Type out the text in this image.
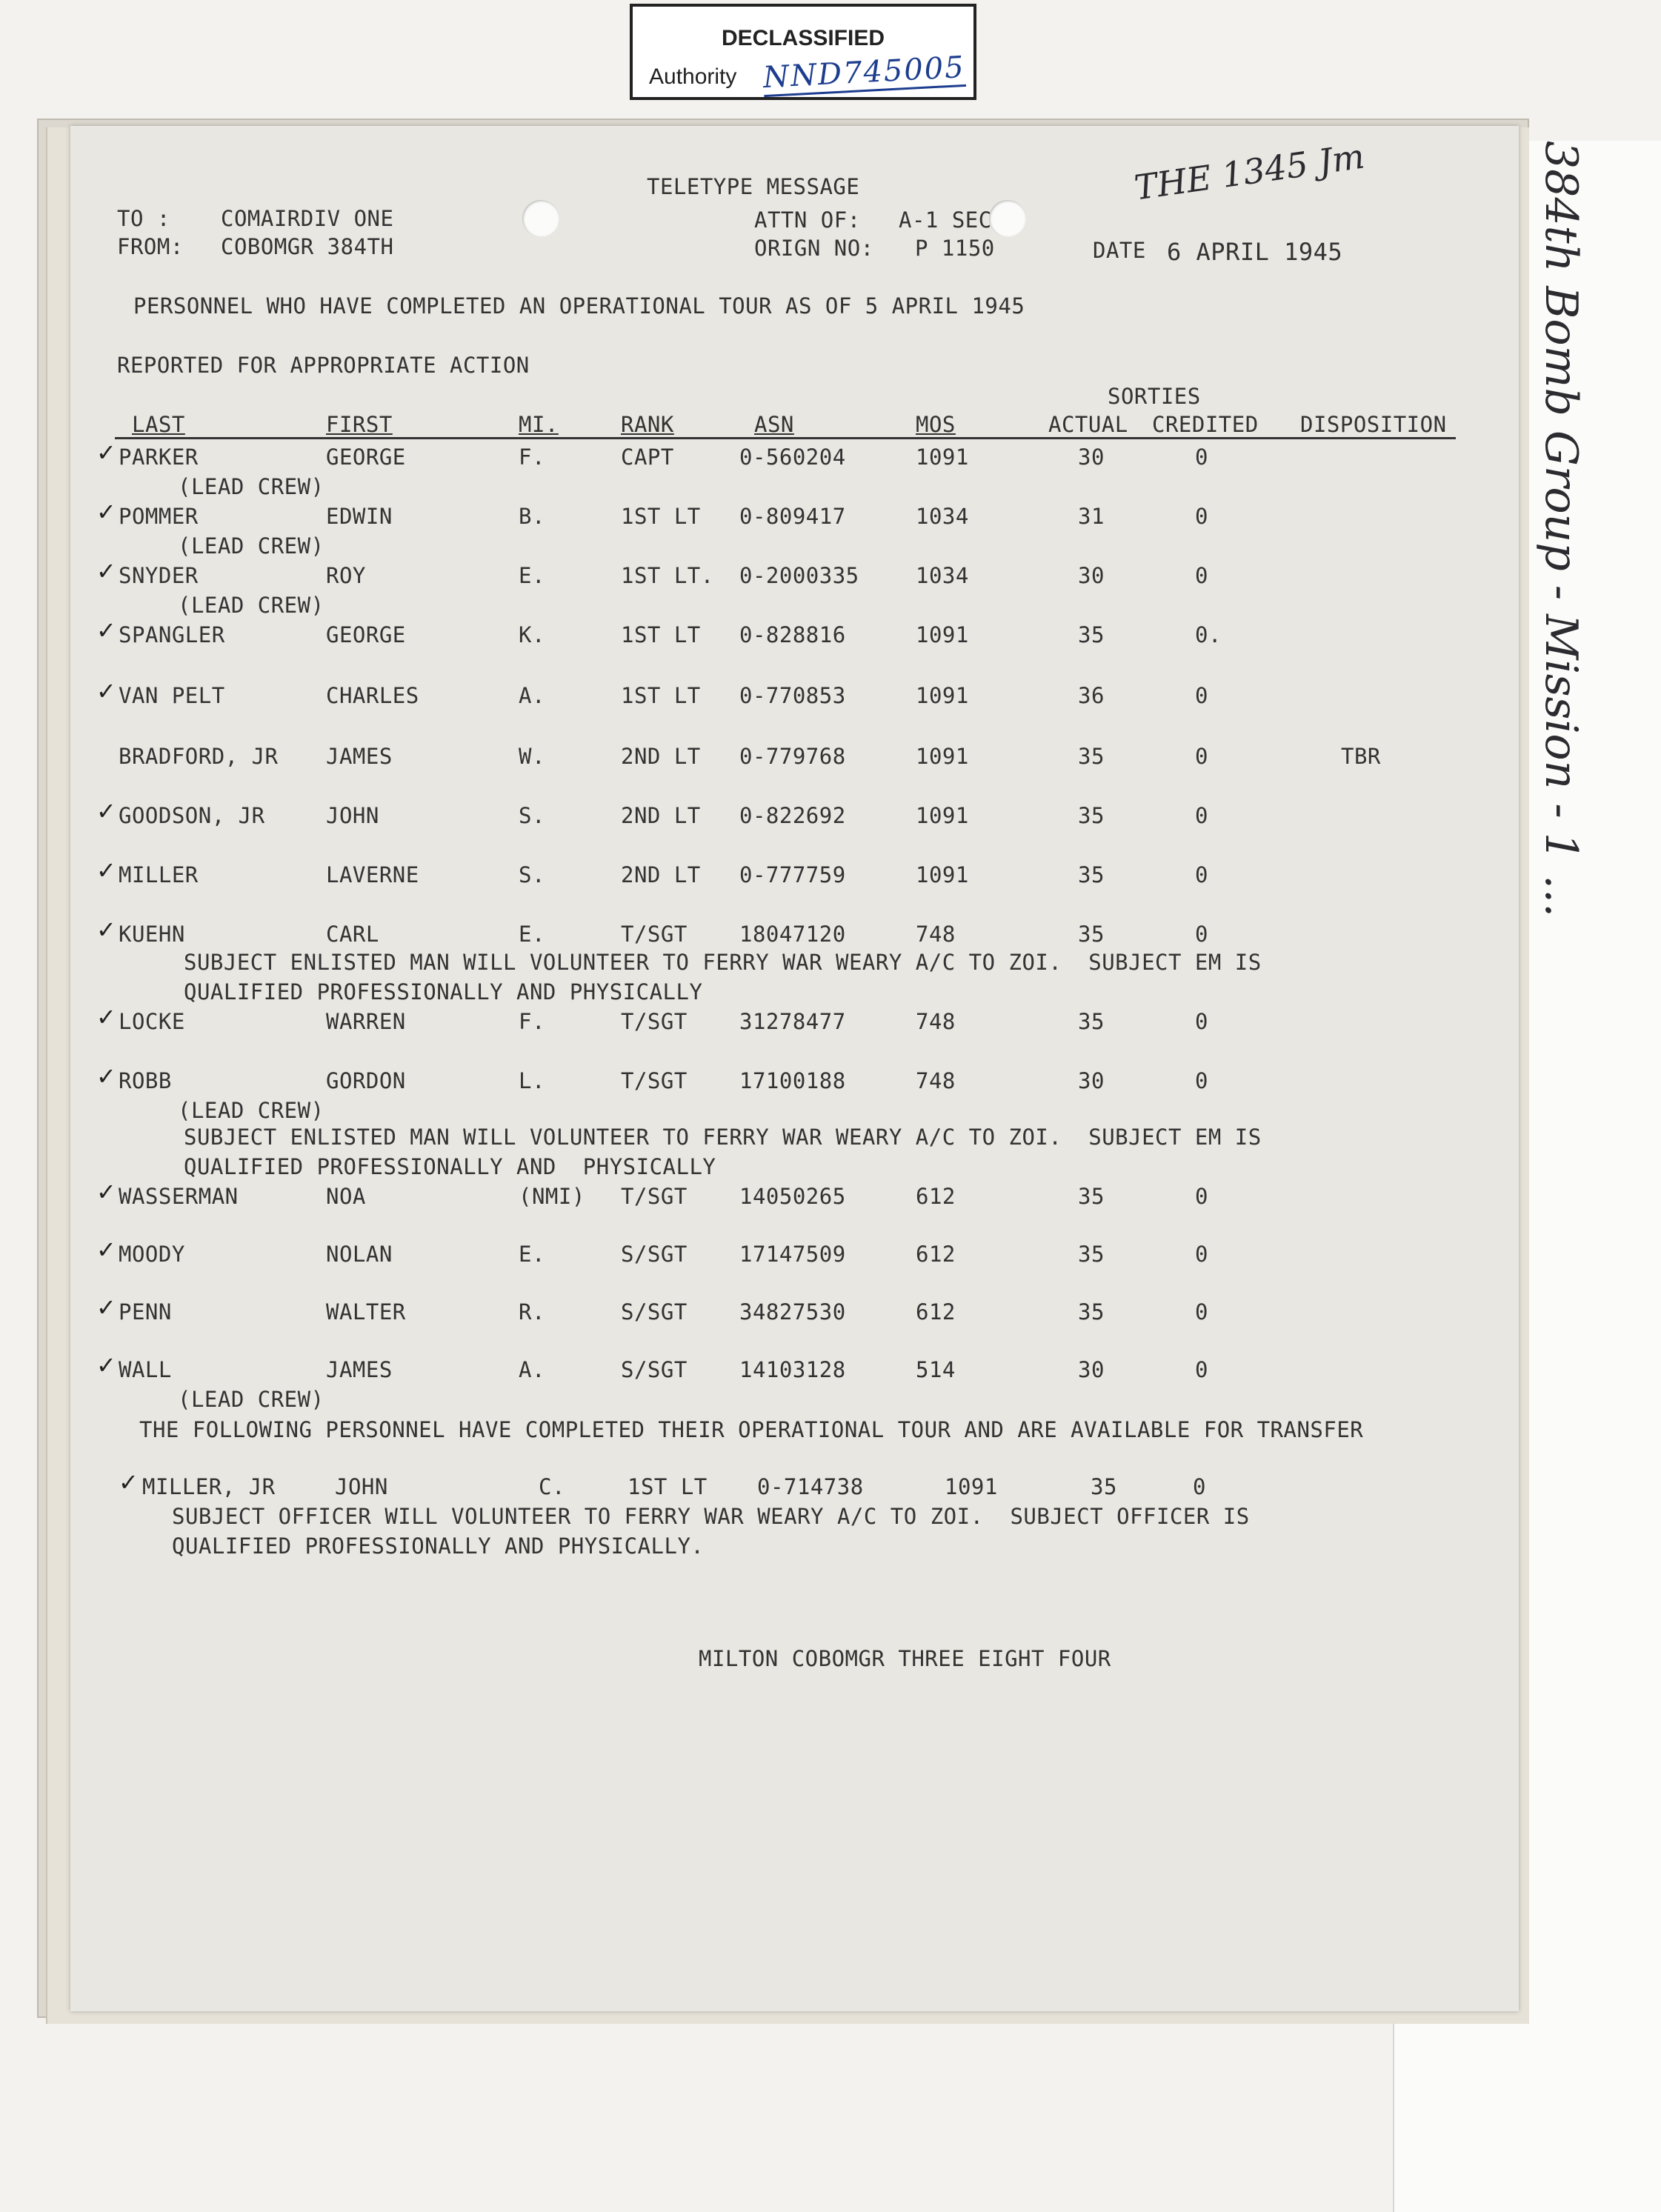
DECLASSIFIED
Authority NND745005
THE 1345 Jm
TELETYPE MESSAGE
TO : COMAIRDIV ONE
FROM: COBOMGR 384TH
ATTN OF: A-1 SEC
ORIGN NO: P 1150	DATE 6 APRIL 1945
PERSONNEL WHO HAVE COMPLETED AN OPERATIONAL TOUR AS OF 5 APRIL 1945
REPORTED FOR APPROPRIATE ACTION
SORTIES
LAST	FIRST	MI.	RANK	ASN	MOS	ACTUAL CREDITED DISPOSITION
✓ PARKER	GEORGE	F.	CAPT	0-560204	1091	30	0
(LEAD CREW)
✓ POMMER	EDWIN	B.	1ST LT 0-809417	1034	31	0
(LEAD CREW)
✓ SNYDER	ROY	E.	1ST LT. 0-2000335	1034	30	0
(LEAD CREW)
✓ SPANGLER	GEORGE	K.	1ST LT 0-828816	1091	35	0.
✓ VAN PELT	CHARLES	A.	1ST LT 0-770853	1091	36	0
BRADFORD, JR JAMES	W.	2ND LT 0-779768	1091	35	0	TBR
✓ GOODSON, JR	JOHN	S.	2ND LT 0-822692	1091	35	0
✓ MILLER	LAVERNE	S.	2ND LT 0-777759	1091	35	0
✓ KUEHN	CARL	E.	T/SGT 18047120	748	35	0
✓ LOCKE	WARREN	F.	T/SGT 31278477	748	35	0
✓ ROBB	GORDON	L.	T/SGT 17100188	748	30	0
(LEAD CREW)
✓ WASSERMAN	NOA	(NMI) T/SGT 14050265	612	35	0
✓ MOODY	NOLAN	E.	S/SGT 17147509	612	35	0
✓ PENN	WALTER	R.	S/SGT 34827530	612	35	0
✓ WALL	JAMES	A.	S/SGT 14103128	514	30	0
(LEAD CREW)
SUBJECT ENLISTED MAN WILL VOLUNTEER TO FERRY WAR WEARY A/C TO ZOI.  SUBJECT EM IS
QUALIFIED PROFESSIONALLY AND PHYSICALLY
SUBJECT ENLISTED MAN WILL VOLUNTEER TO FERRY WAR WEARY A/C TO ZOI.  SUBJECT EM IS
QUALIFIED PROFESSIONALLY AND  PHYSICALLY
THE FOLLOWING PERSONNEL HAVE COMPLETED THEIR OPERATIONAL TOUR AND ARE AVAILABLE FOR TRANSFER
✓ MILLER, JR	JOHN	C.	1ST LT 0-714738	1091	35	0
SUBJECT OFFICER WILL VOLUNTEER TO FERRY WAR WEARY A/C TO ZOI.  SUBJECT OFFICER IS
QUALIFIED PROFESSIONALLY AND PHYSICALLY.
MILTON COBOMGR THREE EIGHT FOUR
